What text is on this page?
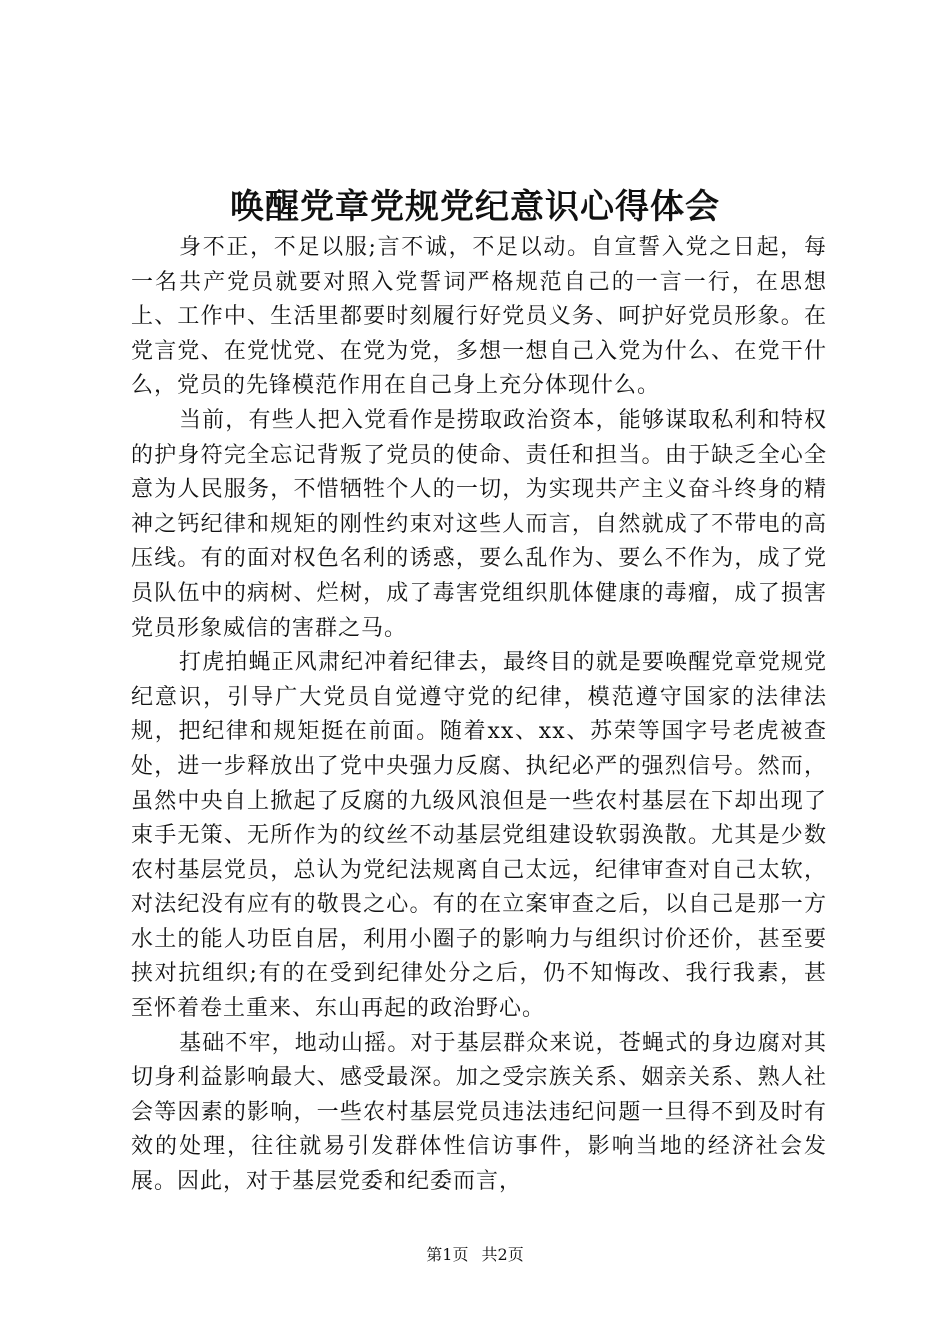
唤醒党章党规党纪意识心得体会

身不正，不足以服;言不诚，不足以动。自宣誓入党之日起，每一名共产党员就要对照入党誓词严格规范自己的一言一行，在思想上、工作中、生活里都要时刻履行好党员义务、呵护好党员形象。在党言党、在党忧党、在党为党，多想一想自己入党为什么、在党干什么，党员的先锋模范作用在自己身上充分体现什么。

当前，有些人把入党看作是捞取政治资本，能够谋取私利和特权的护身符完全忘记背叛了党员的使命、责任和担当。由于缺乏全心全意为人民服务，不惜牺牲个人的一切，为实现共产主义奋斗终身的精神之钙纪律和规矩的刚性约束对这些人而言，自然就成了不带电的高压线。有的面对权色名利的诱惑，要么乱作为、要么不作为，成了党员队伍中的病树、烂树，成了毒害党组织肌体健康的毒瘤，成了损害党员形象威信的害群之马。

打虎拍蝇正风肃纪冲着纪律去，最终目的就是要唤醒党章党规党纪意识，引导广大党员自觉遵守党的纪律，模范遵守国家的法律法规，把纪律和规矩挺在前面。随着xx、xx、苏荣等国字号老虎被查处，进一步释放出了党中央强力反腐、执纪必严的强烈信号。然而，虽然中央自上掀起了反腐的九级风浪但是一些农村基层在下却出现了束手无策、无所作为的纹丝不动基层党组建设软弱涣散。尤其是少数农村基层党员，总认为党纪法规离自己太远，纪律审查对自己太软，对法纪没有应有的敬畏之心。有的在立案审查之后，以自己是那一方水土的能人功臣自居，利用小圈子的影响力与组织讨价还价，甚至要挟对抗组织;有的在受到纪律处分之后，仍不知悔改、我行我素，甚至怀着卷土重来、东山再起的政治野心。

基础不牢，地动山摇。对于基层群众来说，苍蝇式的身边腐对其切身利益影响最大、感受最深。加之受宗族关系、姻亲关系、熟人社会等因素的影响，一些农村基层党员违法违纪问题一旦得不到及时有效的处理，往往就易引发群体性信访事件，影响当地的经济社会发展。因此，对于基层党委和纪委而言，

第1页 共2页
